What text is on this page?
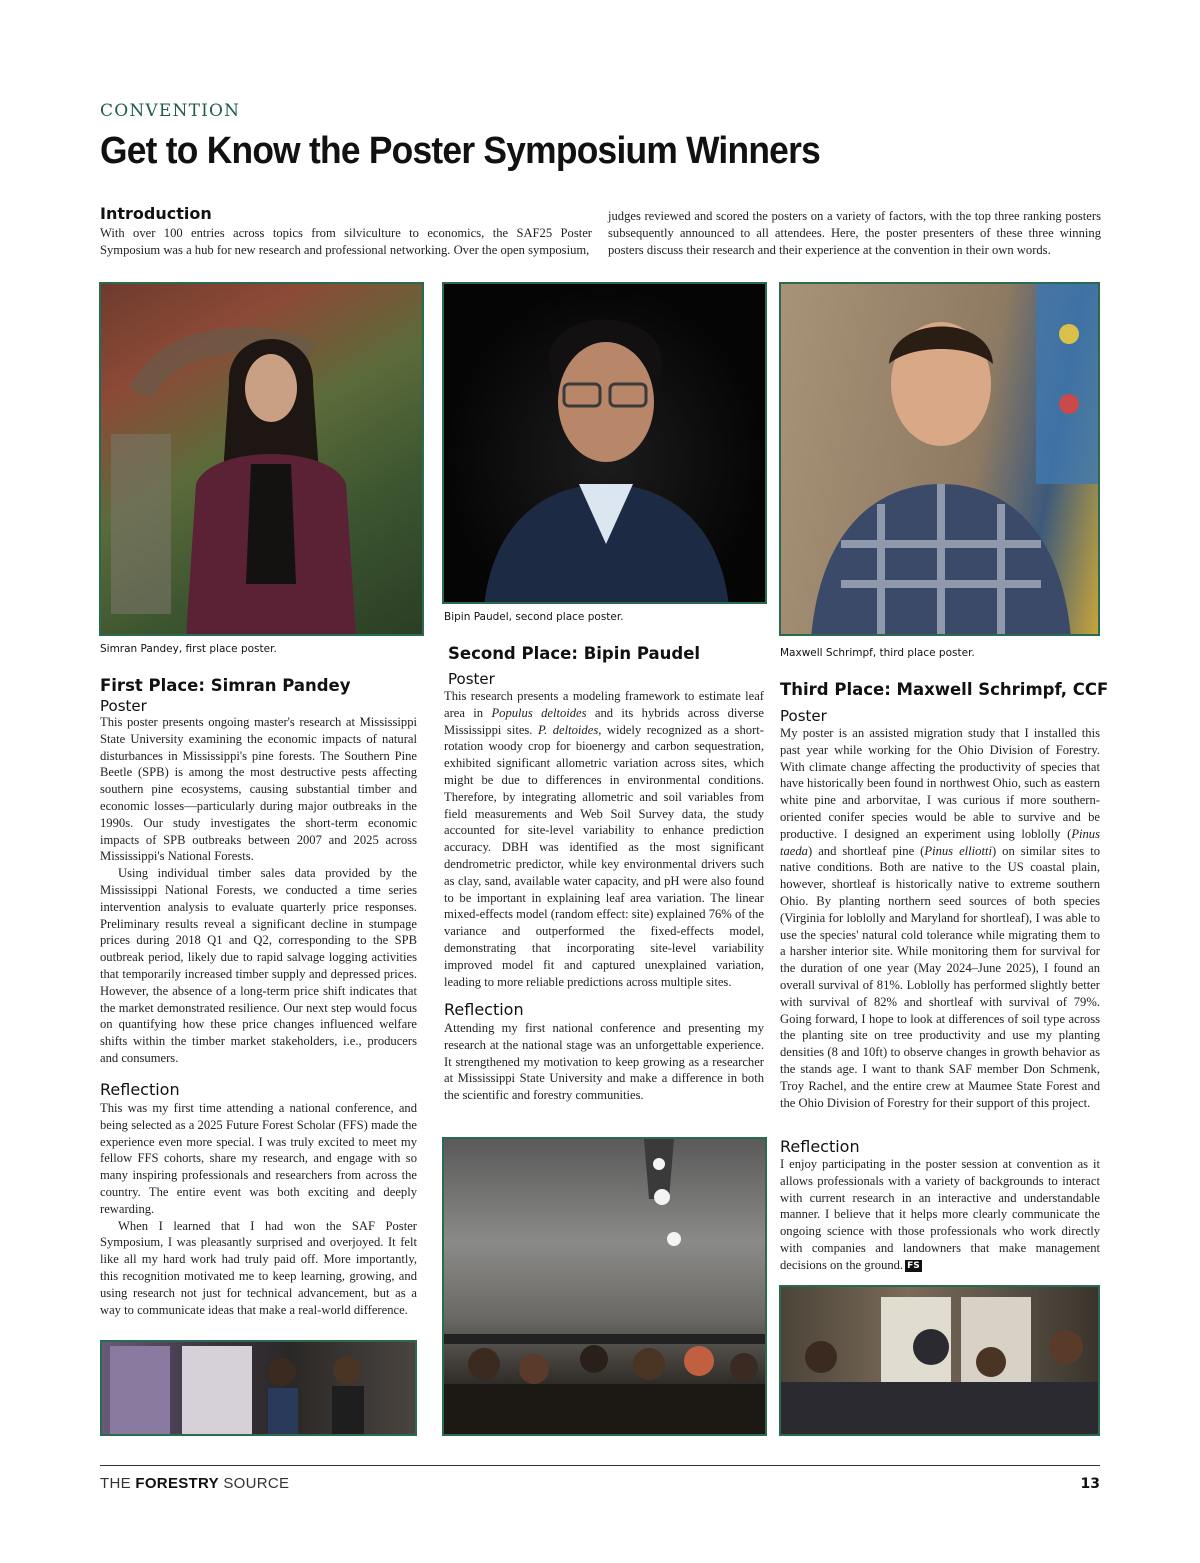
CONVENTION
Get to Know the Poster Symposium Winners
Introduction
With over 100 entries across topics from silviculture to economics, the SAF25 Poster Symposium was a hub for new research and professional networking. Over the open symposium,
judges reviewed and scored the posters on a variety of factors, with the top three ranking posters subsequently announced to all attendees. Here, the poster presenters of these three winning posters discuss their research and their experience at the convention in their own words.
Simran Pandey, first place poster.
Bipin Paudel, second place poster.
Maxwell Schrimpf, third place poster.
First Place: Simran Pandey
Poster

This poster presents ongoing master's research at Mississippi State University examining the economic impacts of natural disturbances in Mississippi's pine forests. The Southern Pine Beetle (SPB) is among the most destructive pests affecting southern pine ecosystems, causing substantial timber and economic losses—particularly during major outbreaks in the 1990s. Our study investigates the short-term economic impacts of SPB outbreaks between 2007 and 2025 across Mississippi's National Forests.

Using individual timber sales data provided by the Mississippi National Forests, we conducted a time series intervention analysis to evaluate quarterly price responses. Preliminary results reveal a significant decline in stumpage prices during 2018 Q1 and Q2, corresponding to the SPB outbreak period, likely due to rapid salvage logging activities that temporarily increased timber supply and depressed prices. However, the absence of a long-term price shift indicates that the market demonstrated resilience. Our next step would focus on quantifying how these price changes influenced welfare shifts within the timber market stakeholders, i.e., producers and consumers.

Reflection

This was my first time attending a national conference, and being selected as a 2025 Future Forest Scholar (FFS) made the experience even more special. I was truly excited to meet my fellow FFS cohorts, share my research, and engage with so many inspiring professionals and researchers from across the country. The entire event was both exciting and deeply rewarding.

When I learned that I had won the SAF Poster Symposium, I was pleasantly surprised and overjoyed. It felt like all my hard work had truly paid off. More importantly, this recognition motivated me to keep learning, growing, and using research not just for technical advancement, but as a way to communicate ideas that make a real-world difference.

Second Place: Bipin Paudel
Poster

This research presents a modeling framework to estimate leaf area in Populus deltoides and its hybrids across diverse Mississippi sites. P. deltoides, widely recognized as a short-rotation woody crop for bioenergy and carbon sequestration, exhibited significant allometric variation across sites, which might be due to differences in environmental conditions. Therefore, by integrating allometric and soil variables from field measurements and Web Soil Survey data, the study accounted for site-level variability to enhance prediction accuracy. DBH was identified as the most significant dendrometric predictor, while key environmental drivers such as clay, sand, available water capacity, and pH were also found to be important in explaining leaf area variation. The linear mixed-effects model (random effect: site) explained 76% of the variance and outperformed the fixed-effects model, demonstrating that incorporating site-level variability improved model fit and captured unexplained variation, leading to more reliable predictions across multiple sites.

Reflection

Attending my first national conference and presenting my research at the national stage was an unforgettable experience. It strengthened my motivation to keep growing as a researcher at Mississippi State University and make a difference in both the scientific and forestry communities.

Third Place: Maxwell Schrimpf, CCF
Poster

My poster is an assisted migration study that I installed this past year while working for the Ohio Division of Forestry. With climate change affecting the productivity of species that have historically been found in northwest Ohio, such as eastern white pine and arborvitae, I was curious if more southern-oriented conifer species would be able to survive and be productive. I designed an experiment using loblolly (Pinus taeda) and shortleaf pine (Pinus elliotti) on similar sites to native conditions. Both are native to the US coastal plain, however, shortleaf is historically native to extreme southern Ohio. By planting northern seed sources of both species (Virginia for loblolly and Maryland for shortleaf), I was able to use the species' natural cold tolerance while migrating them to a harsher interior site. While monitoring them for survival for the duration of one year (May 2024–June 2025), I found an overall survival of 81%. Loblolly has performed slightly better with survival of 82% and shortleaf with survival of 79%. Going forward, I hope to look at differences of soil type across the planting site on tree productivity and use my planting densities (8 and 10ft) to observe changes in growth behavior as the stands age. I want to thank SAF member Don Schmenk, Troy Rachel, and the entire crew at Maumee State Forest and the Ohio Division of Forestry for their support of this project.

Reflection

I enjoy participating in the poster session at convention as it allows professionals with a variety of backgrounds to interact with current research in an interactive and understandable manner. I believe that it helps more clearly communicate the ongoing science with those professionals who work directly with companies and landowners that make management decisions on the ground. FS

THE FORESTRY SOURCE	13
